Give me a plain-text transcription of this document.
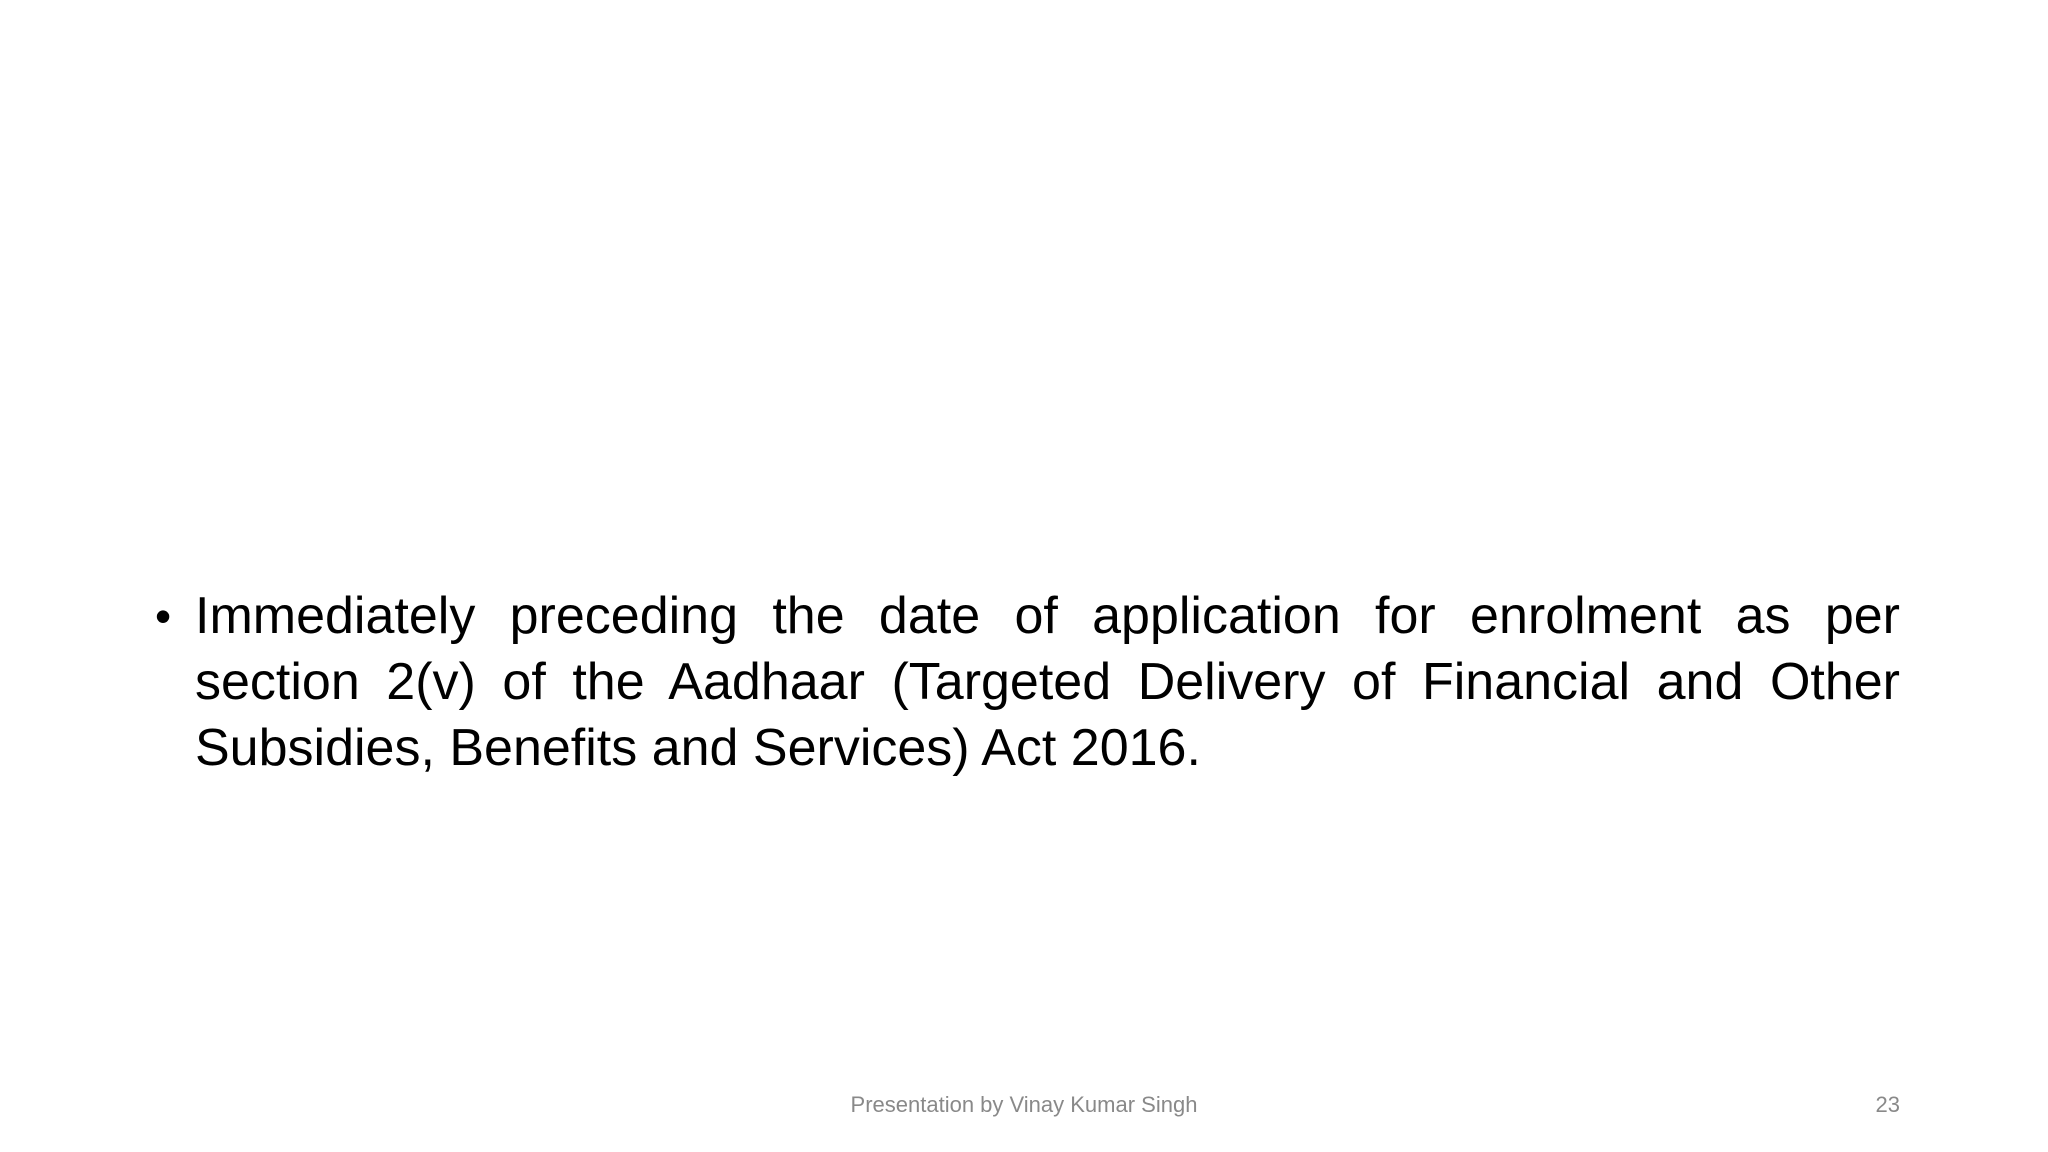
• Immediately preceding the date of application for enrolment as per section 2(v) of the Aadhaar (Targeted Delivery of Financial and Other Subsidies, Benefits and Services) Act 2016.
Presentation by Vinay Kumar Singh	23
